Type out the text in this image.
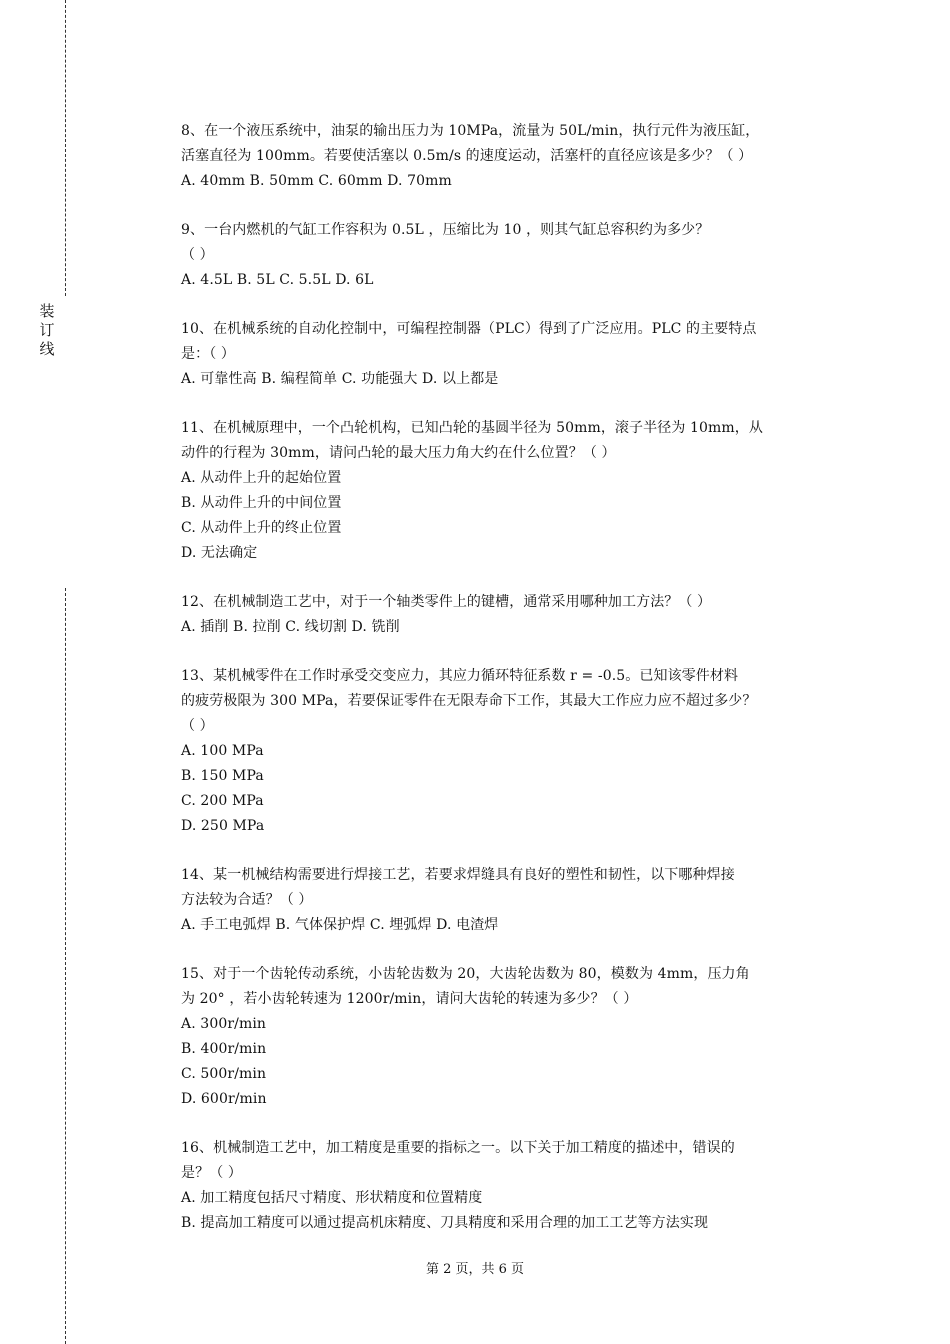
装
订
线
8、在一个液压系统中，油泵的输出压力为 10MPa，流量为 50L/min，执行元件为液压缸，
活塞直径为 100mm。若要使活塞以 0.5m/s 的速度运动，活塞杆的直径应该是多少？（ ）
A. 40mm B. 50mm C. 60mm D. 70mm
9、一台内燃机的气缸工作容积为 0.5L ，压缩比为 10 ，则其气缸总容积约为多少？
（ ）
A. 4.5L B. 5L C. 5.5L D. 6L
10、在机械系统的自动化控制中，可编程控制器（PLC）得到了广泛应用。PLC 的主要特点
是：（ ）
A. 可靠性高 B. 编程简单 C. 功能强大 D. 以上都是
11、在机械原理中，一个凸轮机构，已知凸轮的基圆半径为 50mm，滚子半径为 10mm，从
动件的行程为 30mm，请问凸轮的最大压力角大约在什么位置？（ ）
A. 从动件上升的起始位置
B. 从动件上升的中间位置
C. 从动件上升的终止位置
D. 无法确定
12、在机械制造工艺中，对于一个轴类零件上的键槽，通常采用哪种加工方法？（ ）
A. 插削 B. 拉削 C. 线切割 D. 铣削
13、某机械零件在工作时承受交变应力，其应力循环特征系数 r = -0.5。已知该零件材料
的疲劳极限为 300 MPa，若要保证零件在无限寿命下工作，其最大工作应力应不超过多少？
（ ）
A. 100 MPa
B. 150 MPa
C. 200 MPa
D. 250 MPa
14、某一机械结构需要进行焊接工艺，若要求焊缝具有良好的塑性和韧性，以下哪种焊接
方法较为合适？（ ）
A. 手工电弧焊 B. 气体保护焊 C. 埋弧焊 D. 电渣焊
15、对于一个齿轮传动系统，小齿轮齿数为 20，大齿轮齿数为 80，模数为 4mm，压力角
为 20° ，若小齿轮转速为 1200r/min，请问大齿轮的转速为多少？（ ）
A. 300r/min
B. 400r/min
C. 500r/min
D. 600r/min
16、机械制造工艺中，加工精度是重要的指标之一。以下关于加工精度的描述中，错误的
是？（ ）
A. 加工精度包括尺寸精度、形状精度和位置精度
B. 提高加工精度可以通过提高机床精度、刀具精度和采用合理的加工工艺等方法实现
第 2 页，共 6 页
